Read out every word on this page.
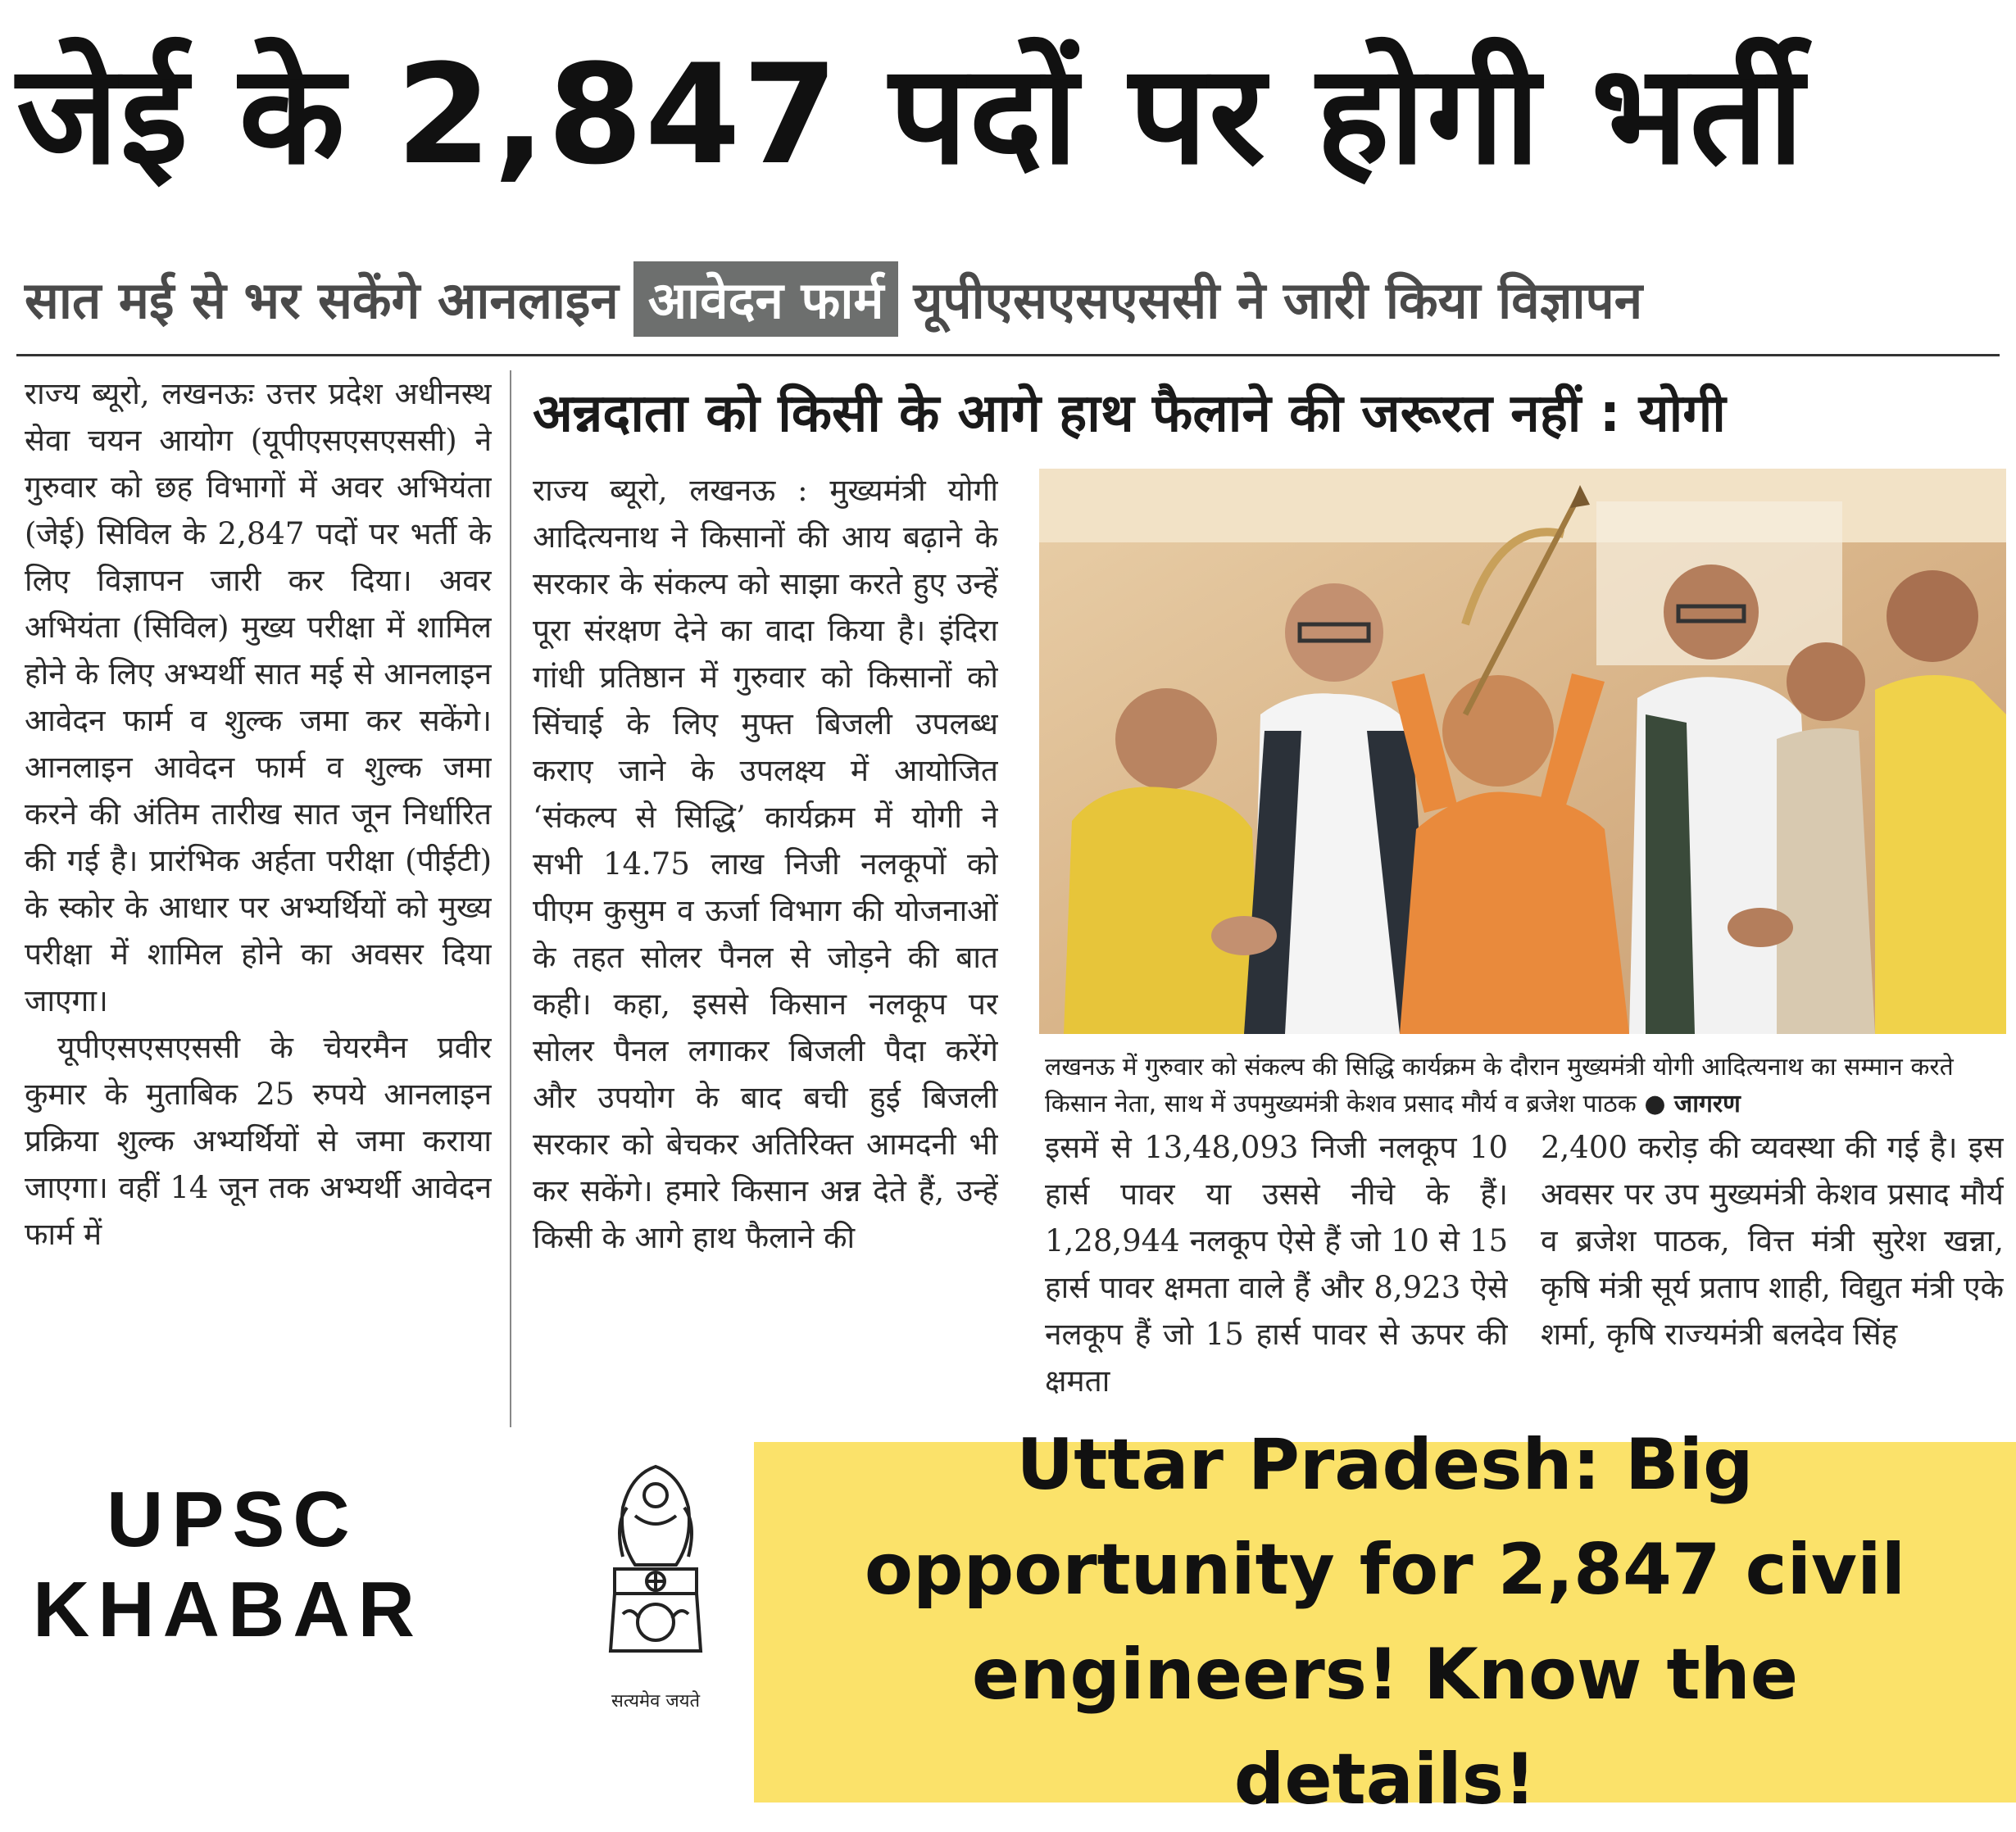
जेई के 2,847 पदों पर होगी भर्ती
सात मई से भर सकेंगे आनलाइन आवेदन फार्म यूपीएसएसएससी ने जारी किया विज्ञापन

राज्य ब्यूरो, लखनऊः उत्तर प्रदेश अधीनस्थ सेवा चयन आयोग (यूपीएसएसएससी) ने गुरुवार को छह विभागों में अवर अभियंता (जेई) सिविल के 2,847 पदों पर भर्ती के लिए विज्ञापन जारी कर दिया। अवर अभियंता (सिविल) मुख्य परीक्षा में शामिल होने के लिए अभ्यर्थी सात मई से आनलाइन आवेदन फार्म व शुल्क जमा कर सकेंगे। आनलाइन आवेदन फार्म व शुल्क जमा करने की अंतिम तारीख सात जून निर्धारित की गई है। प्रारंभिक अर्हता परीक्षा (पीईटी) के स्कोर के आधार पर अभ्यर्थियों को मुख्य परीक्षा में शामिल होने का अवसर दिया जाएगा।

यूपीएसएसएससी के चेयरमैन प्रवीर कुमार के मुताबिक 25 रुपये आनलाइन प्रक्रिया शुल्क अभ्यर्थियों से जमा कराया जाएगा। वहीं 14 जून तक अभ्यर्थी आवेदन फार्म में

अन्नदाता को किसी के आगे हाथ फैलाने की जरूरत नहीं : योगी
राज्य ब्यूरो, लखनऊ : मुख्यमंत्री योगी आदित्यनाथ ने किसानों की आय बढ़ाने के सरकार के संकल्प को साझा करते हुए उन्हें पूरा संरक्षण देने का वादा किया है। इंदिरा गांधी प्रतिष्ठान में गुरुवार को किसानों को सिंचाई के लिए मुफ्त बिजली उपलब्ध कराए जाने के उपलक्ष्य में आयोजित ‘संकल्प से सिद्धि’ कार्यक्रम में योगी ने सभी 14.75 लाख निजी नलकूपों को पीएम कुसुम व ऊर्जा विभाग की योजनाओं के तहत सोलर पैनल से जोड़ने की बात कही। कहा, इससे किसान नलकूप पर सोलर पैनल लगाकर बिजली पैदा करेंगे और उपयोग के बाद बची हुई बिजली सरकार को बेचकर अतिरिक्त आमदनी भी कर सकेंगे। हमारे किसान अन्न देते हैं, उन्हें किसी के आगे हाथ फैलाने की
लखनऊ में गुरुवार को संकल्प की सिद्धि कार्यक्रम के दौरान मुख्यमंत्री योगी आदित्यनाथ का सम्मान करते किसान नेता, साथ में उपमुख्यमंत्री केशव प्रसाद मौर्य व ब्रजेश पाठक ● जागरण
इसमें से 13,48,093 निजी नलकूप 10 हार्स पावर या उससे नीचे के हैं। 1,28,944 नलकूप ऐसे हैं जो 10 से 15 हार्स पावर क्षमता वाले हैं और 8,923 ऐसे नलकूप हैं जो 15 हार्स पावर से ऊपर की क्षमता
2,400 करोड़ की व्यवस्था की गई है। इस अवसर पर उप मुख्यमंत्री केशव प्रसाद मौर्य व ब्रजेश पाठक, वित्त मंत्री सुरेश खन्ना, कृषि मंत्री सूर्य प्रताप शाही, विद्युत मंत्री एके शर्मा, कृषि राज्यमंत्री बलदेव सिंह
UPSC
KHABAR
सत्यमेव जयते
Uttar Pradesh: Big opportunity for 2,847 civil engineers! Know the details!
